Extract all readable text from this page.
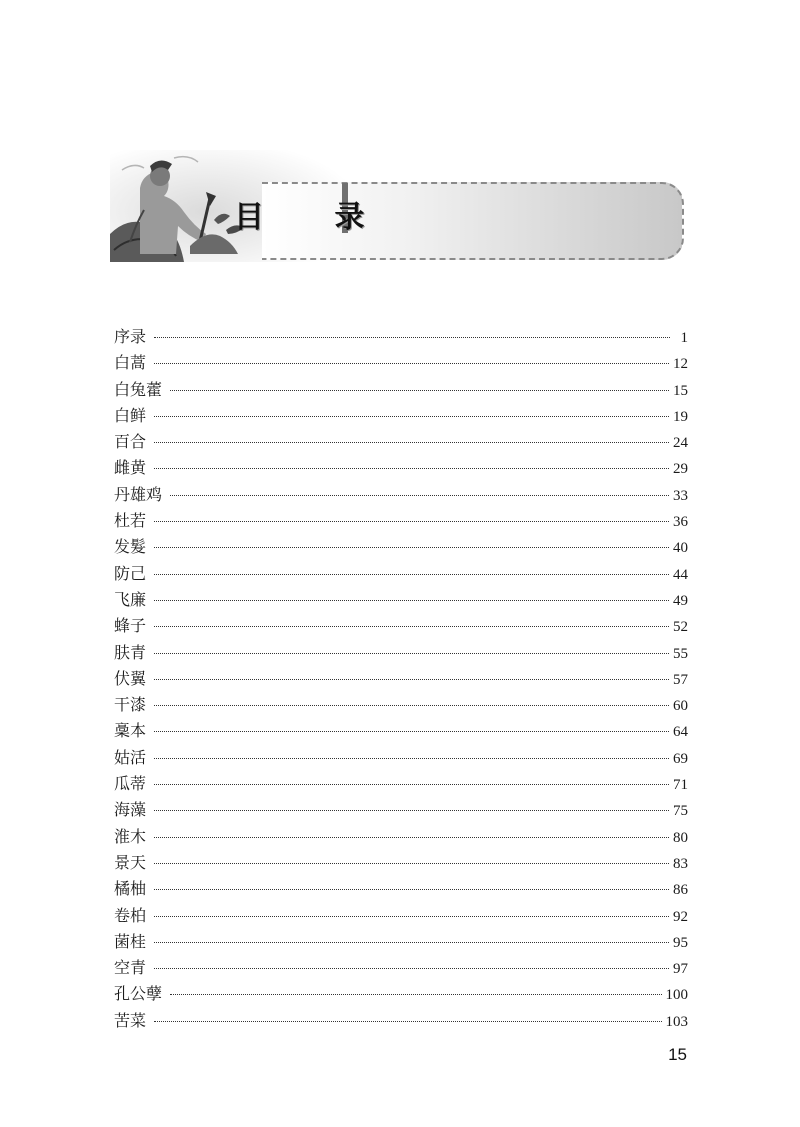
目 录
序录	1
白蒿	12
白兔藿	15
白鲜	19
百合	24
雌黄	29
丹雄鸡	33
杜若	36
发髮	40
防己	44
飞廉	49
蜂子	52
肤青	55
伏翼	57
干漆	60
稾本	64
姑活	69
瓜蒂	71
海藻	75
淮木	80
景天	83
橘柚	86
卷柏	92
菌桂	95
空青	97
孔公孽	100
苦菜	103
15
